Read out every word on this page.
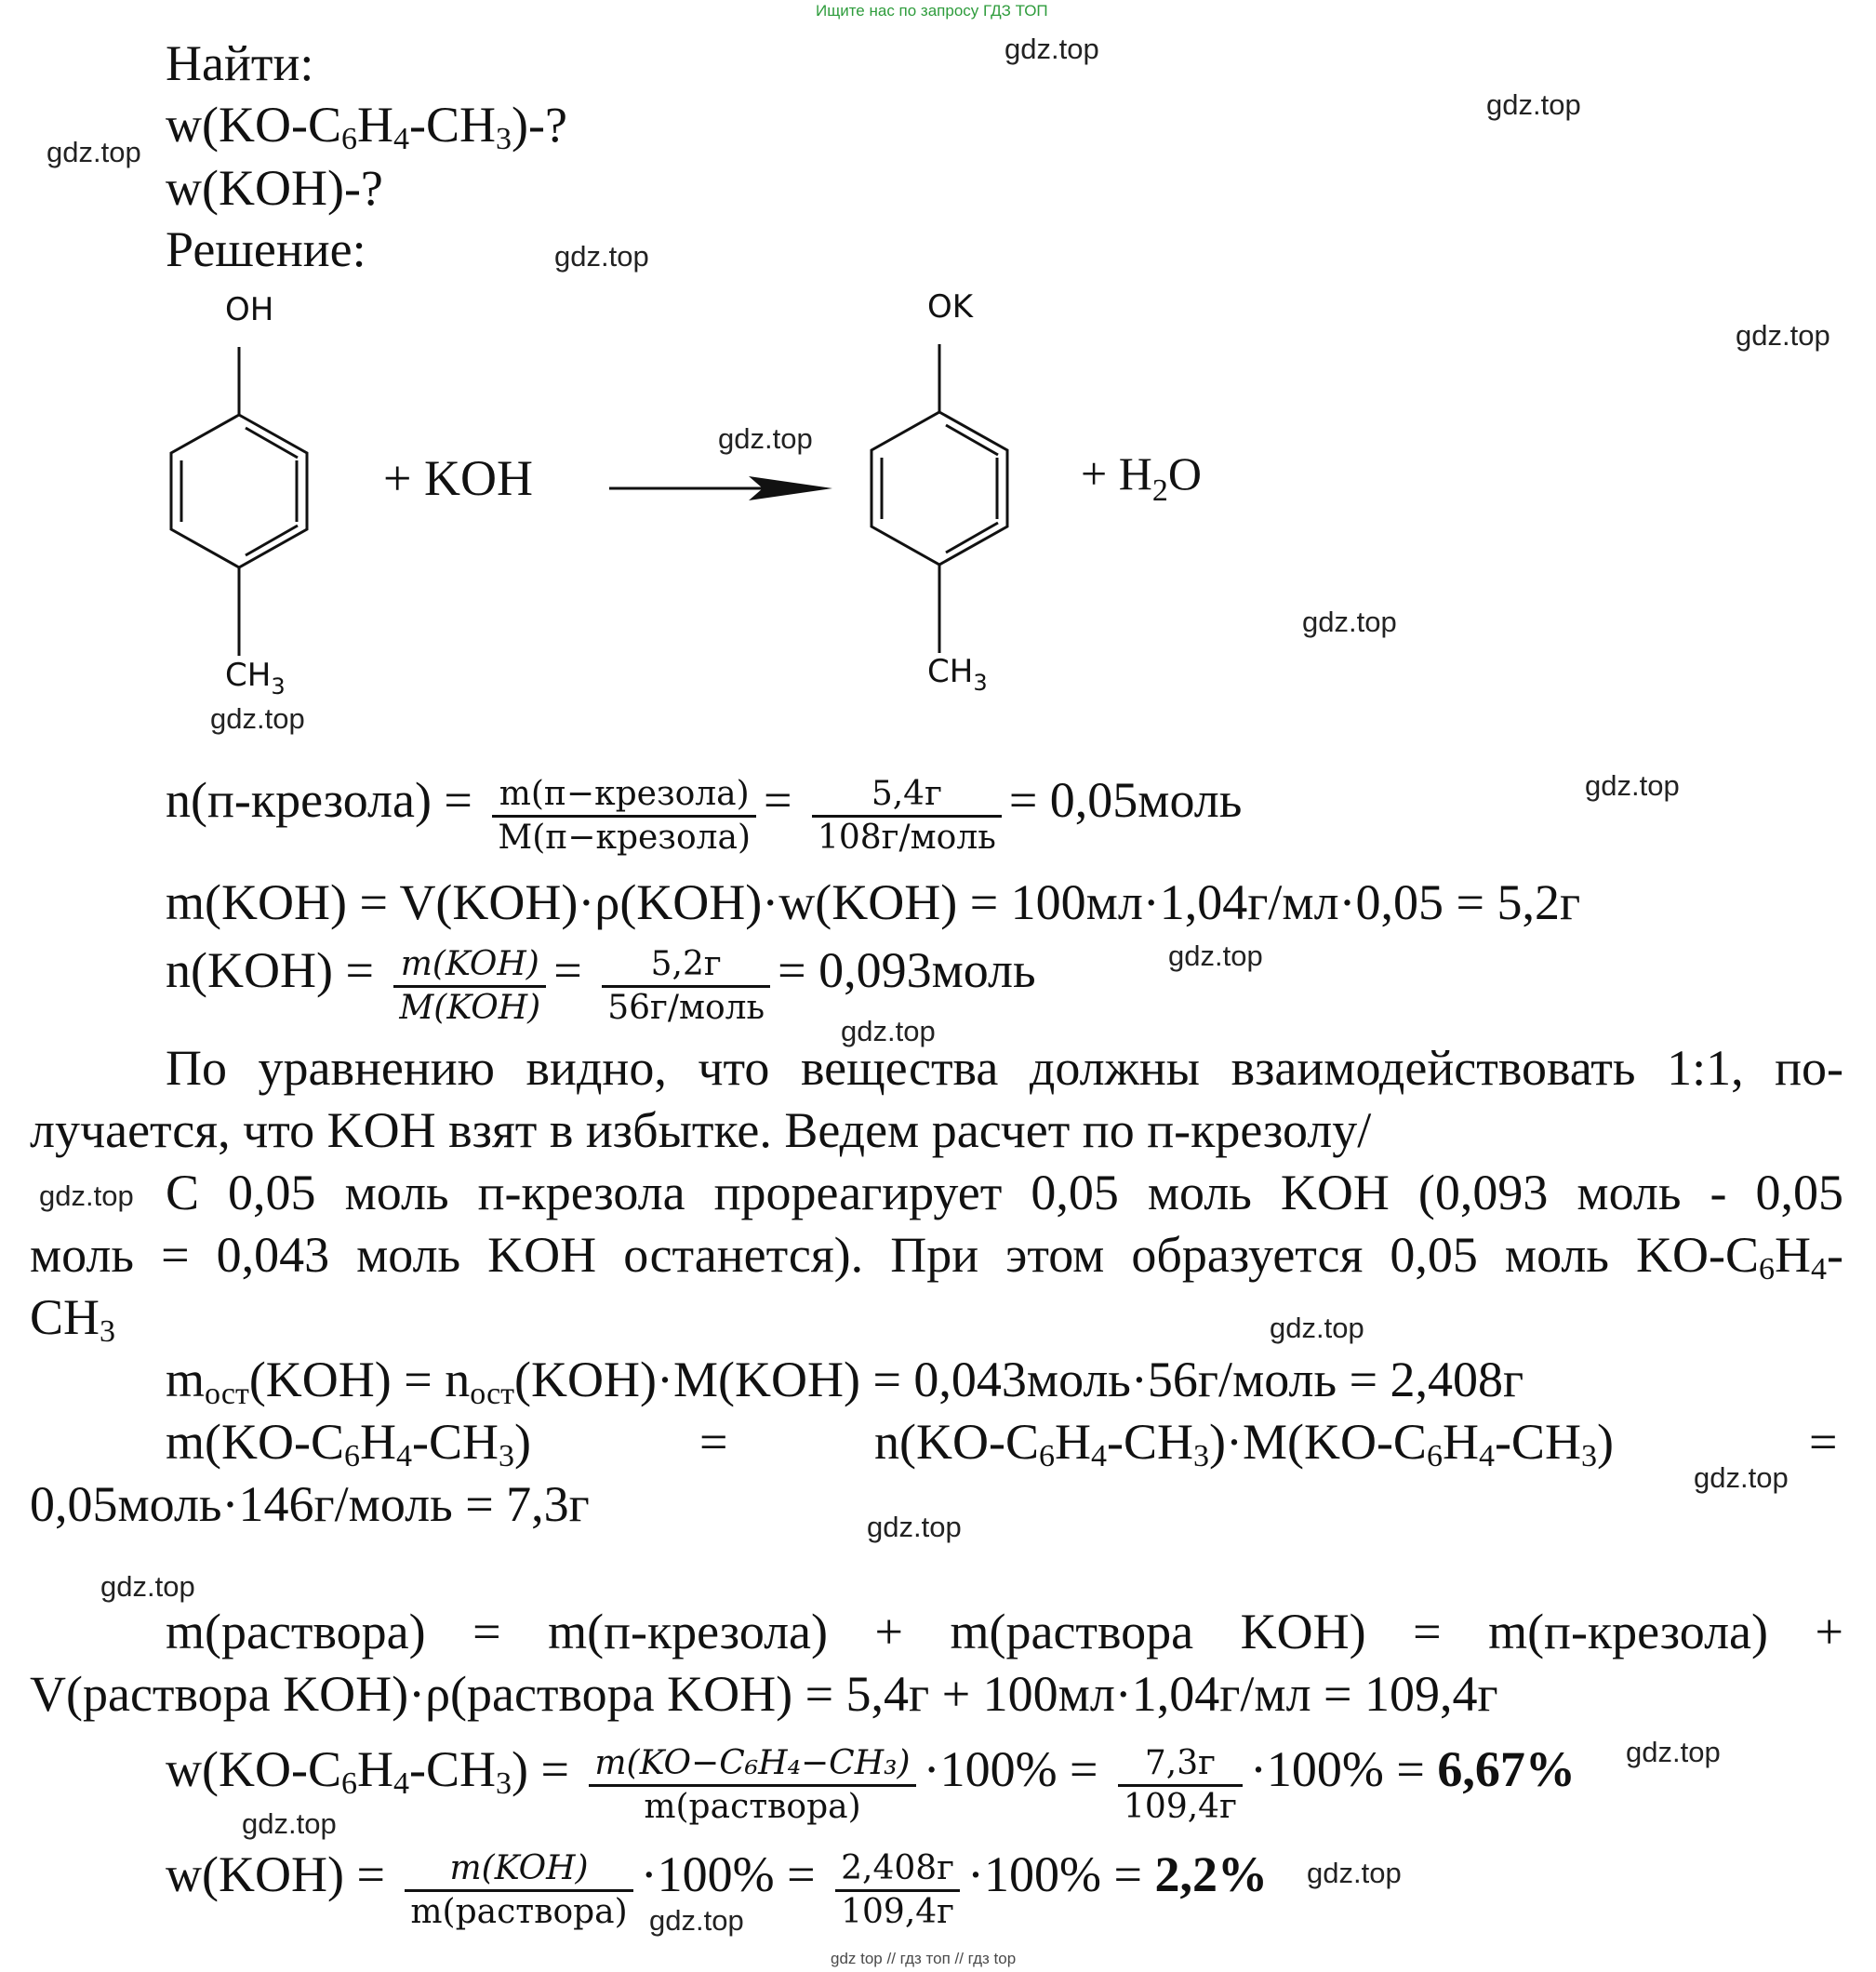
Ищите нас по запросу ГДЗ ТОП
gdz.top
gdz.top
gdz.top
gdz.top
gdz.top
gdz.top
gdz.top
gdz.top
gdz.top
gdz.top
gdz.top
gdz.top
gdz.top
gdz.top
gdz.top
gdz.top
gdz.top
gdz.top
gdz.top
gdz.top
Найти:
$w(KO-C_6H_4-CH_3)-$?
w(KOH)-?
Решение:
OH
$CH_3$
+ KOH
OK
$CH_3$
+ $H_2O$
n(п-крезола) = $\frac{\text{m(п−крезола)}}{\text{M(п−крезола)}} = \frac{5,4г}{\text{108г/моль}}$ = 0,05моль
m(KOH) = V(KOH)·ρ(KOH)·w(KOH) = 100мл·1,04г/мл·0,05 = 5,2г
$n(KOH) = \frac{\text{m(KOH)}}{\text{M(KOH)}} = \frac{5,2г}{\text{56г/моль}}$ = 0,093моль
По уравнению видно, что вещества должны взаимодействовать 1:1, по-
лучается, что KOH взят в избытке. Ведем расчет по п-крезолу/
С 0,05 моль п-крезола прореагирует 0,05 моль KOH (0,093 моль - 0,05
моль = 0,043 моль KOH останется). При этом образуется 0,05 моль $KO-C_6H_4-$
$CH_3$
$m_{ост}(KOH) = n_{ост}(KOH)\cdot M(KOH)$ = 0,043моль·56г/моль = 2,408г
$m(KO-C_6H_4-CH_3)$	=	$n(KO-C_6H_4-CH_3)\cdot M(KO-C_6H_4-CH_3)$	=
0,05моль·146г/моль = 7,3г
m(раствора) = m(п-крезола) + m(раствора KOH) = m(п-крезола) +
V(раствора KOH)·ρ(раствора KOH) = 5,4г + 100мл·1,04г/мл = 109,4г
$w(KO-C_6H_4-CH_3) = \frac{\text{m(KO−C₆H₄−CH₃)}}{\text{m(раствора)}} \cdot 100\% = \frac{7,3г}{109,4г} \cdot 100\% = 6,67\%$
$w(KOH) = \frac{\text{m(KOH)}}{\text{m(раствора)}} \cdot 100\% = \frac{2,408г}{109,4г} \cdot 100\% = 2,2\%$
gdz top // гдз топ // гдз top
